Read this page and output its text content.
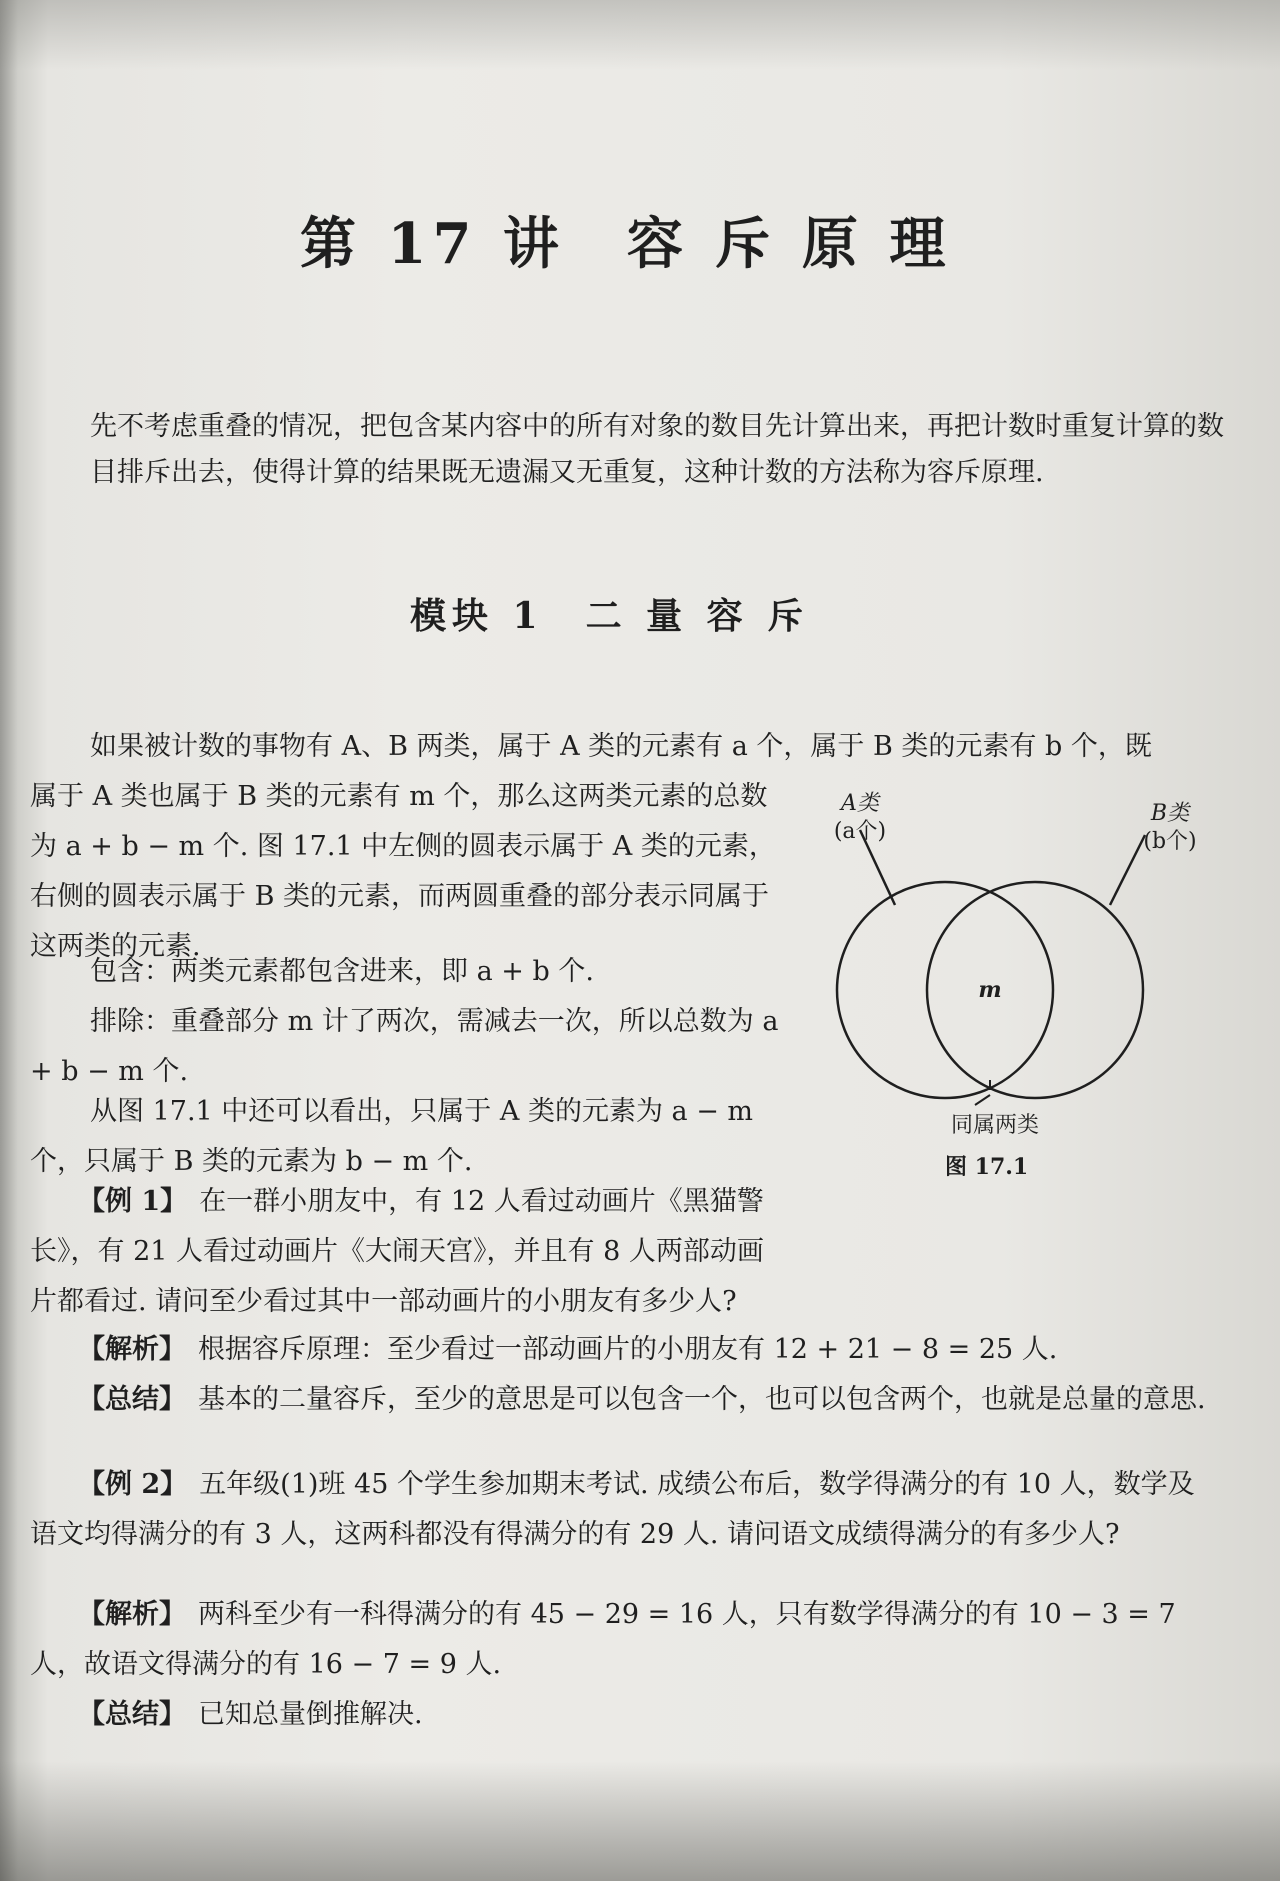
第 17 讲　容 斥 原 理
先不考虑重叠的情况，把包含某内容中的所有对象的数目先计算出来，再把计数时重复计算的数目排斥出去，使得计算的结果既无遗漏又无重复，这种计数的方法称为容斥原理.
模块 1　二 量 容 斥
如果被计数的事物有 A、B 两类，属于 A 类的元素有 a 个，属于 B 类的元素有 b 个，既
属于 A 类也属于 B 类的元素有 m 个，那么这两类元素的总数为 a + b − m 个. 图 17.1 中左侧的圆表示属于 A 类的元素，右侧的圆表示属于 B 类的元素，而两圆重叠的部分表示同属于这两类的元素.
包含：两类元素都包含进来，即 a + b 个.
排除：重叠部分 m 计了两次，需减去一次，所以总数为 a + b − m 个.
从图 17.1 中还可以看出，只属于 A 类的元素为 a − m 个，只属于 B 类的元素为 b − m 个.
【例 1】 在一群小朋友中，有 12 人看过动画片《黑猫警长》，有 21 人看过动画片《大闹天宫》，并且有 8 人两部动画片都看过. 请问至少看过其中一部动画片的小朋友有多少人?
【解析】 根据容斥原理：至少看过一部动画片的小朋友有 12 + 21 − 8 = 25 人.
【总结】 基本的二量容斥，至少的意思是可以包含一个，也可以包含两个，也就是总量的意思.
【例 2】 五年级(1)班 45 个学生参加期末考试. 成绩公布后，数学得满分的有 10 人，数学及语文均得满分的有 3 人，这两科都没有得满分的有 29 人. 请问语文成绩得满分的有多少人?
【解析】 两科至少有一科得满分的有 45 − 29 = 16 人，只有数学得满分的有 10 − 3 = 7 人，故语文得满分的有 16 − 7 = 9 人.
【总结】 已知总量倒推解决.
A类
(a个)
B类
(b个)
m
同属两类
图 17.1
